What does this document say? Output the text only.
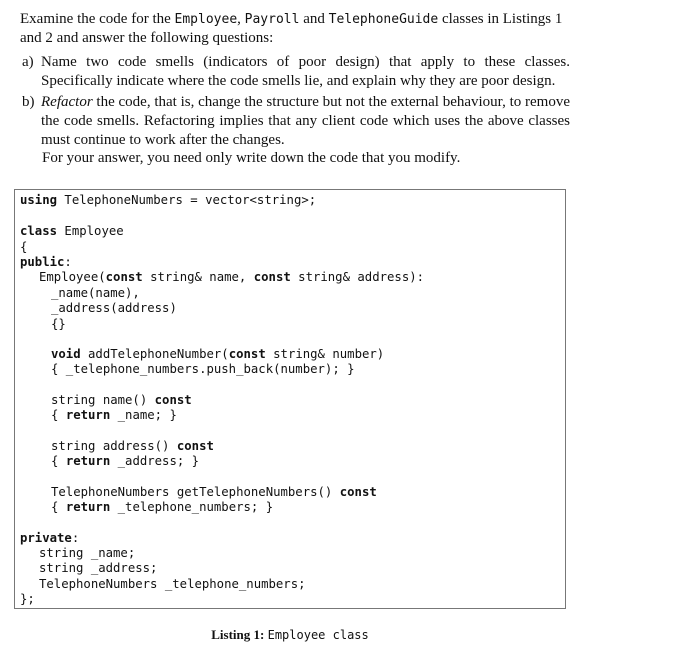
Examine the code for the Employee, Payroll and TelephoneGuide classes in Listings 1 and 2 and answer the following questions:

a) Name two code smells (indicators of poor design) that apply to these classes. Specifically indicate where the code smells lie, and explain why they are poor design.
b) Refactor the code, that is, change the structure but not the external behaviour, to remove the code smells. Refactoring implies that any client code which uses the above classes must continue to work after the changes.

For your answer, you need only write down the code that you modify.

using TelephoneNumbers = vector<string>;
class Employee
{
public:
Employee(const string& name, const string& address):
_name(name),
_address(address)
{}
void addTelephoneNumber(const string& number)
{ _telephone_numbers.push_back(number); }
string name() const
{ return _name; }
string address() const
{ return _address; }
TelephoneNumbers getTelephoneNumbers() const
{ return _telephone_numbers; }
private:
string _name;
string _address;
TelephoneNumbers _telephone_numbers;
};
Listing 1: Employee class
